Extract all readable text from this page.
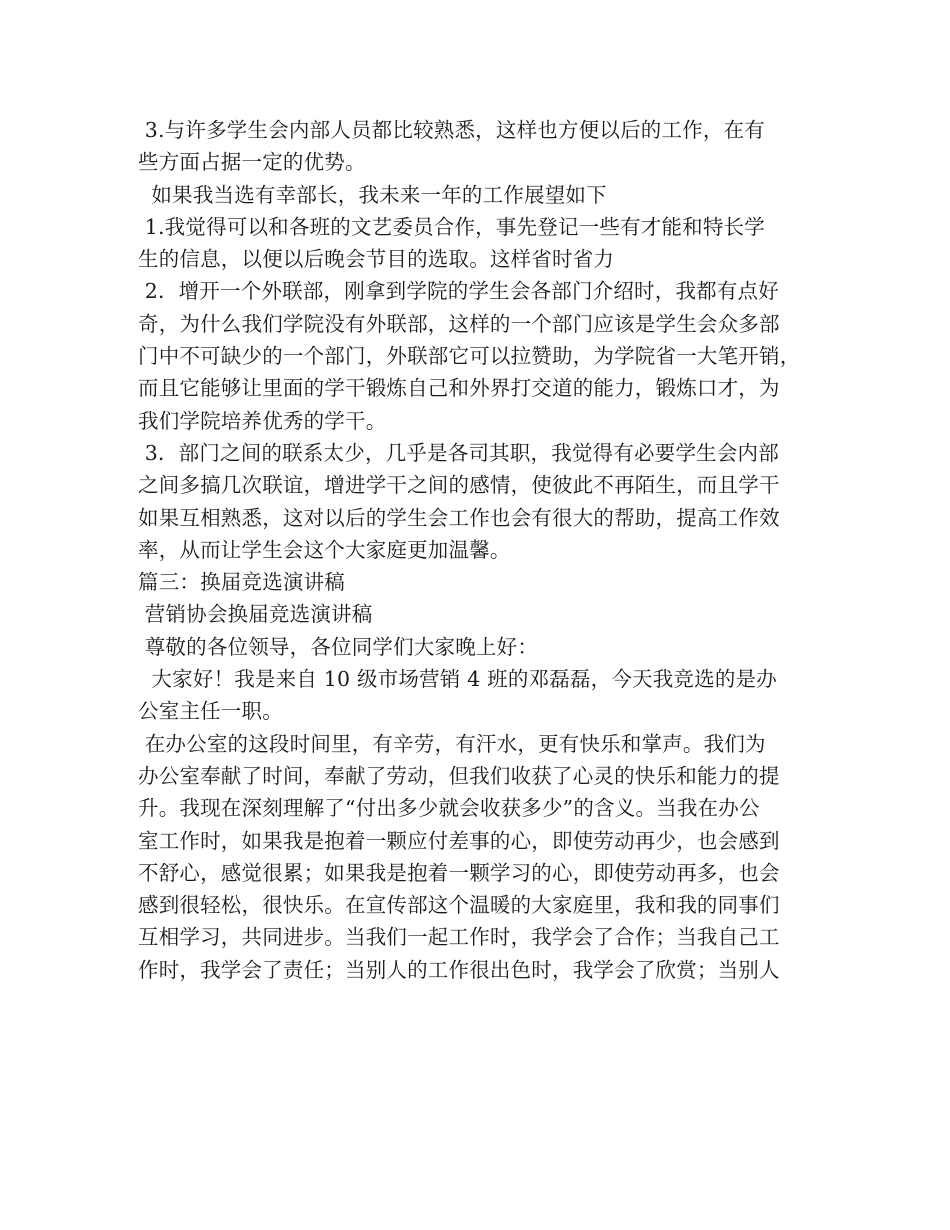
3.与许多学生会内部人员都比较熟悉，这样也方便以后的工作，在有
些方面占据一定的优势。
如果我当选有幸部长，我未来一年的工作展望如下
1.我觉得可以和各班的文艺委员合作，事先登记一些有才能和特长学
生的信息，以便以后晚会节目的选取。这样省时省力
2．增开一个外联部，刚拿到学院的学生会各部门介绍时，我都有点好
奇，为什么我们学院没有外联部，这样的一个部门应该是学生会众多部
门中不可缺少的一个部门，外联部它可以拉赞助，为学院省一大笔开销，
而且它能够让里面的学干锻炼自己和外界打交道的能力，锻炼口才，为
我们学院培养优秀的学干。
3．部门之间的联系太少，几乎是各司其职，我觉得有必要学生会内部
之间多搞几次联谊，增进学干之间的感情，使彼此不再陌生，而且学干
如果互相熟悉，这对以后的学生会工作也会有很大的帮助，提高工作效
率，从而让学生会这个大家庭更加温馨。
篇三：换届竞选演讲稿
营销协会换届竞选演讲稿
尊敬的各位领导，各位同学们大家晚上好：
大家好！我是来自 10 级市场营销 4 班的邓磊磊，今天我竞选的是办
公室主任一职。
在办公室的这段时间里，有辛劳，有汗水，更有快乐和掌声。我们为
办公室奉献了时间，奉献了劳动，但我们收获了心灵的快乐和能力的提
升。我现在深刻理解了“付出多少就会收获多少”的含义。当我在办公
室工作时，如果我是抱着一颗应付差事的心，即使劳动再少，也会感到
不舒心，感觉很累；如果我是抱着一颗学习的心，即使劳动再多，也会
感到很轻松，很快乐。在宣传部这个温暖的大家庭里，我和我的同事们
互相学习，共同进步。当我们一起工作时，我学会了合作；当我自己工
作时，我学会了责任；当别人的工作很出色时，我学会了欣赏；当别人
